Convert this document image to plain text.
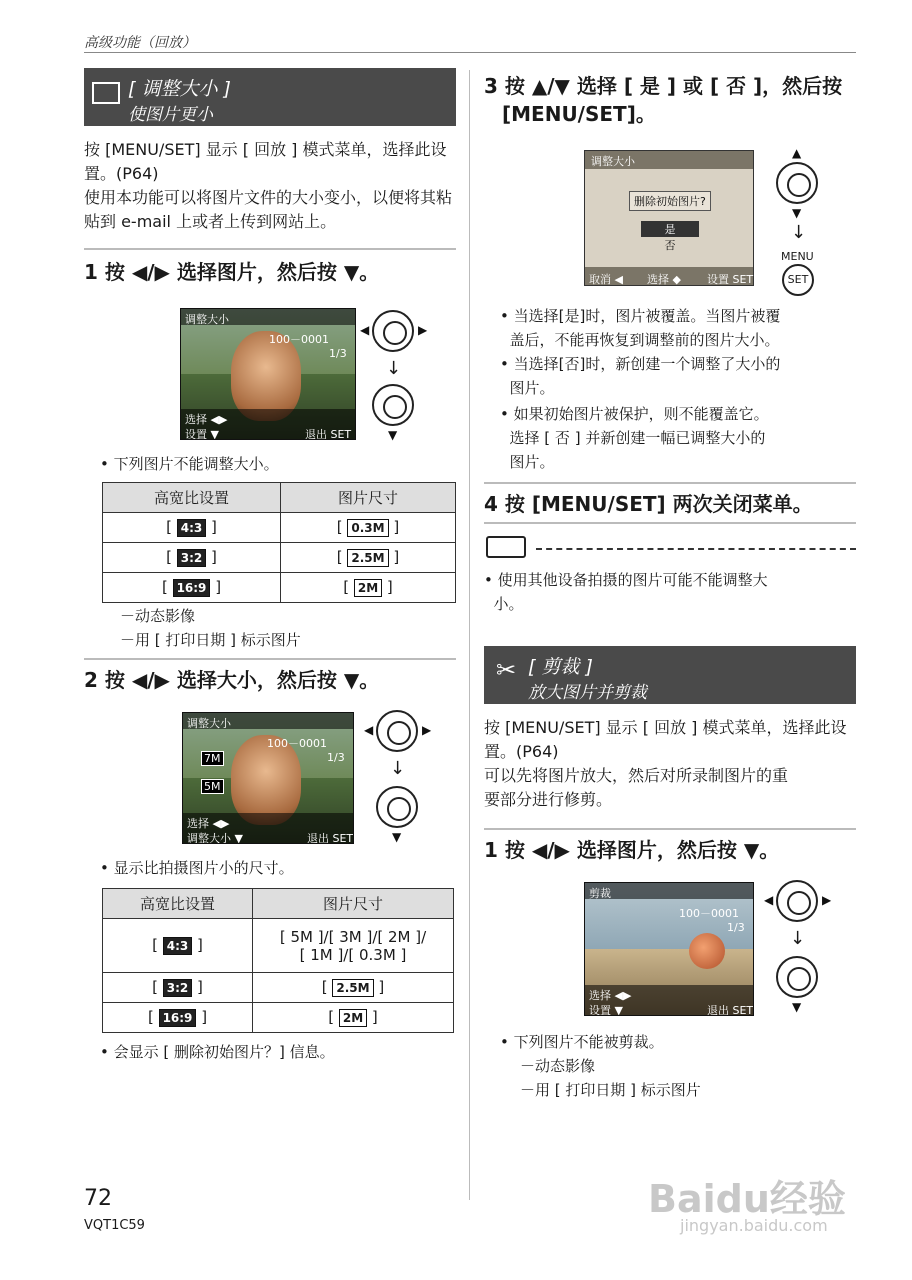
高级功能（回放）
[ 调整大小 ]
使图片更小
按 [MENU/SET] 显示 [ 回放 ] 模式菜单，选择此设置。(P64)
使用本功能可以将图片文件的大小变小，以便将其粘贴到 e-mail 上或者上传到网站上。
1 按 ◀/▶ 选择图片，然后按 ▼。
调整大小
100－0001
1/3
选择 ◀▶
设置 ▼	退出 SET
◀	▶
↓
▼
• 下列图片不能调整大小。
高宽比设置	图片尺寸
[ 4:3 ]	[ 0.3M ]
[ 3:2 ]	[ 2.5M ]
[ 16:9 ]	[ 2M ]
－动态影像
－用 [ 打印日期 ] 标示图片
2 按 ◀/▶ 选择大小，然后按 ▼。
调整大小
100－0001
1/3
7M
5M
选择 ◀▶
调整大小 ▼	退出 SET
◀	▶
↓
▼
• 显示比拍摄图片小的尺寸。
高宽比设置	图片尺寸
[ 4:3 ]	[ 5M ]/[ 3M ]/[ 2M ]/
[ 1M ]/[ 0.3M ]

[ 3:2 ]	[ 2.5M ]
[ 16:9 ]	[ 2M ]
• 会显示 [ 删除初始图片？] 信息。
72
VQT1C59
3 按 ▲/▼ 选择 [ 是 ] 或 [ 否 ]，然后按
[MENU/SET]。
调整大小
删除初始图片?
是
否
取消 ◀ 选择 ◆ 设置 SET
▲
▼
↓
MENU
SET
• 当选择[是]时，图片被覆盖。当图片被覆
盖后，不能再恢复到调整前的图片大小。
• 当选择[否]时，新创建一个调整了大小的
图片。
• 如果初始图片被保护，则不能覆盖它。
选择 [ 否 ] 并新创建一幅已调整大小的
图片。
4 按 [MENU/SET] 两次关闭菜单。
• 使用其他设备拍摄的图片可能不能调整大
小。
✂ [ 剪裁 ]
放大图片并剪裁
按 [MENU/SET] 显示 [ 回放 ] 模式菜单，选择此设
置。(P64)
可以先将图片放大，然后对所录制图片的重
要部分进行修剪。
1 按 ◀/▶ 选择图片，然后按 ▼。
剪裁
100－0001
1/3
选择 ◀▶
设置 ▼	退出 SET
◀	▶
↓
▼
• 下列图片不能被剪裁。
－动态影像
－用 [ 打印日期 ] 标示图片
Baidu经验
jingyan.baidu.com
